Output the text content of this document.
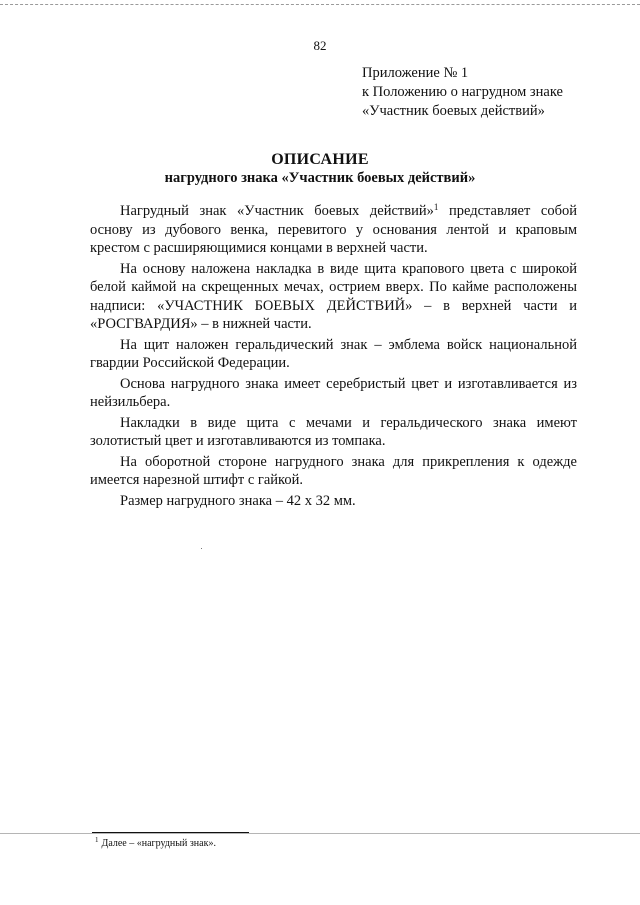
82
Приложение № 1
к Положению о нагрудном знаке
«Участник боевых действий»
ОПИСАНИЕ
нагрудного знака «Участник боевых действий»

Нагрудный знак «Участник боевых действий»$^1$ представляет собой основу из дубового венка, перевитого у основания лентой и краповым крестом с расширяющимися концами в верхней части.

На основу наложена накладка в виде щита крапового цвета с широкой белой каймой на скрещенных мечах, острием вверх. По кайме расположены надписи: «УЧАСТНИК БОЕВЫХ ДЕЙСТВИЙ» – в верхней части и «РОСГВАРДИЯ» – в нижней части.

На щит наложен геральдический знак – эмблема войск национальной гвардии Российской Федерации.

Основа нагрудного знака имеет серебристый цвет и изготавливается из нейзильбера.

Накладки в виде щита с мечами и геральдического знака имеют золотистый цвет и изготавливаются из томпака.

На оборотной стороне нагрудного знака для прикрепления к одежде имеется нарезной штифт с гайкой.

Размер нагрудного знака – 42 х 32 мм.

$^1$ Далее – «нагрудный знак».
